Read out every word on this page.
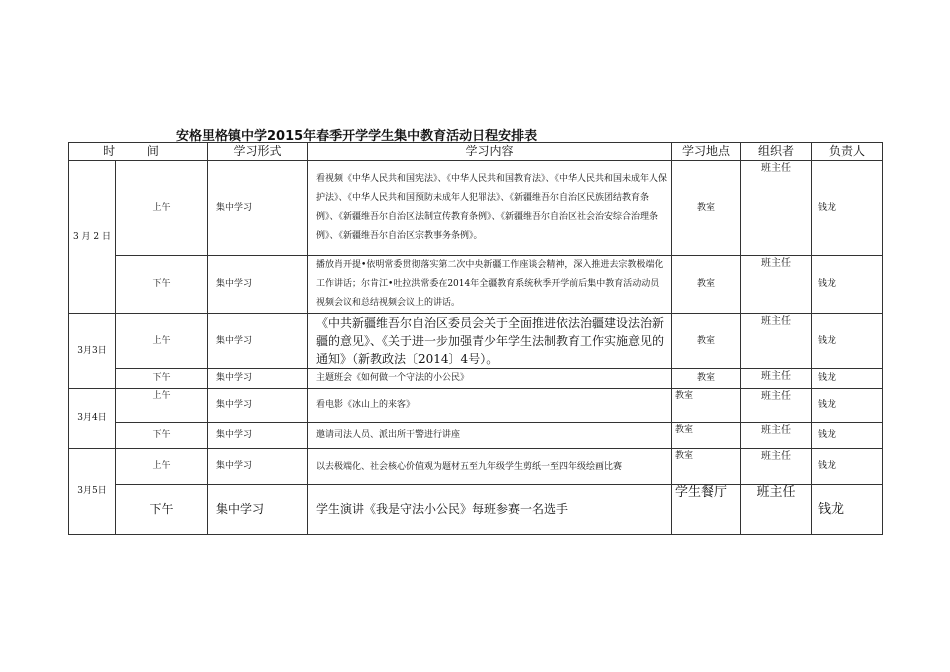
安格里格镇中学2015年春季开学学生集中教育活动日程安排表
时 间		学习形式	学习内容	学习地点	组织者	负责人
3 月 2 日	上午	集中学习	看视频《中华人民共和国宪法》、《中华人民共和国教育法》、《中华人民共和国未成年人保护法》、《中华人民共和国预防未成年人犯罪法》、《新疆维吾尔自治区民族团结教育条例》、《新疆维吾尔自治区法制宣传教育条例》、《新疆维吾尔自治区社会治安综合治理条例》、《新疆维吾尔自治区宗教事务条例》。	教室	班主任	钱龙
	下午	集中学习	播放肖开提•依明常委贯彻落实第二次中央新疆工作座谈会精神，深入推进去宗教极端化工作讲话；尔肯江•吐拉洪常委在2014年全疆教育系统秋季开学前后集中教育活动动员视频会议和总结视频会议上的讲话。	教室	班主任	钱龙
3月3日	上午	集中学习	《中共新疆维吾尔自治区委员会关于全面推进依法治疆建设法治新疆的意见》、《关于进一步加强青少年学生法制教育工作实施意见的通知》（新教政法〔2014〕4号）。	教室	班主任	钱龙
	下午	集中学习	主题班会《如何做一个守法的小公民》	教室	班主任	钱龙
3月4日	上午	集中学习	看电影《冰山上的来客》	教室	班主任	钱龙
	下午	集中学习	邀请司法人员、派出所干警进行讲座	教室	班主任	钱龙
3月5日	上午	集中学习	以去极端化、社会核心价值观为题材五至九年级学生剪纸一至四年级绘画比赛	教室	班主任	钱龙
	下午	集中学习	学生演讲《我是守法小公民》每班参赛一名选手	学生餐厅	班主任	钱龙
